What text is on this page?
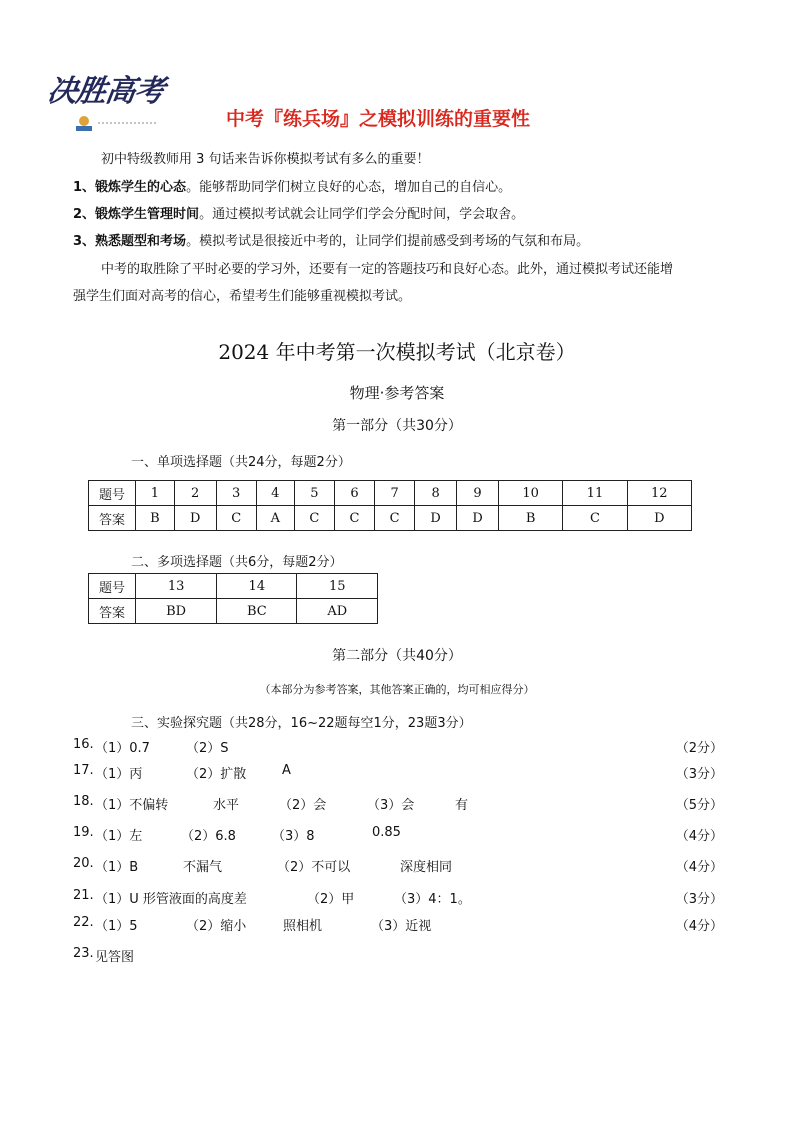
决胜高考
中考『练兵场』之模拟训练的重要性
初中特级教师用 3 句话来告诉你模拟考试有多么的重要！
1、锻炼学生的心态。能够帮助同学们树立良好的心态，增加自己的自信心。
2、锻炼学生管理时间。通过模拟考试就会让同学们学会分配时间，学会取舍。
3、熟悉题型和考场。模拟考试是很接近中考的，让同学们提前感受到考场的气氛和布局。
中考的取胜除了平时必要的学习外，还要有一定的答题技巧和良好心态。此外，通过模拟考试还能增
强学生们面对高考的信心，希望考生们能够重视模拟考试。
2024 年中考第一次模拟考试（北京卷）
物理·参考答案
第一部分（共30分）
一、单项选择题（共24分，每题2分）
题号	1	2	3	4	5	6	7	8	9	10	11	12
答案	B	D	C	A	C	C	C	D	D	B	C	D
二、多项选择题（共6分，每题2分）
题号	13	14	15
答案	BD	BC	AD
第二部分（共40分）
（本部分为参考答案，其他答案正确的，均可相应得分）
三、实验探究题（共28分，16~22题每空1分，23题3分）
16. （1）0.7	（2）S	（2分）
17. （1）丙	（2）扩散	A	（3分）
18. （1）不偏转	水平	（2）会	（3）会	有	（5分）
19. （1）左	（2）6.8	（3）8	0.85	（4分）
20. （1）B	不漏气	（2）不可以	深度相同	（4分）
21. （1）U 形管液面的高度差	（2）甲	（3）4：1。	（3分）
22. （1）5	（2）缩小	照相机	（3）近视	（4分）
23. 见答图
